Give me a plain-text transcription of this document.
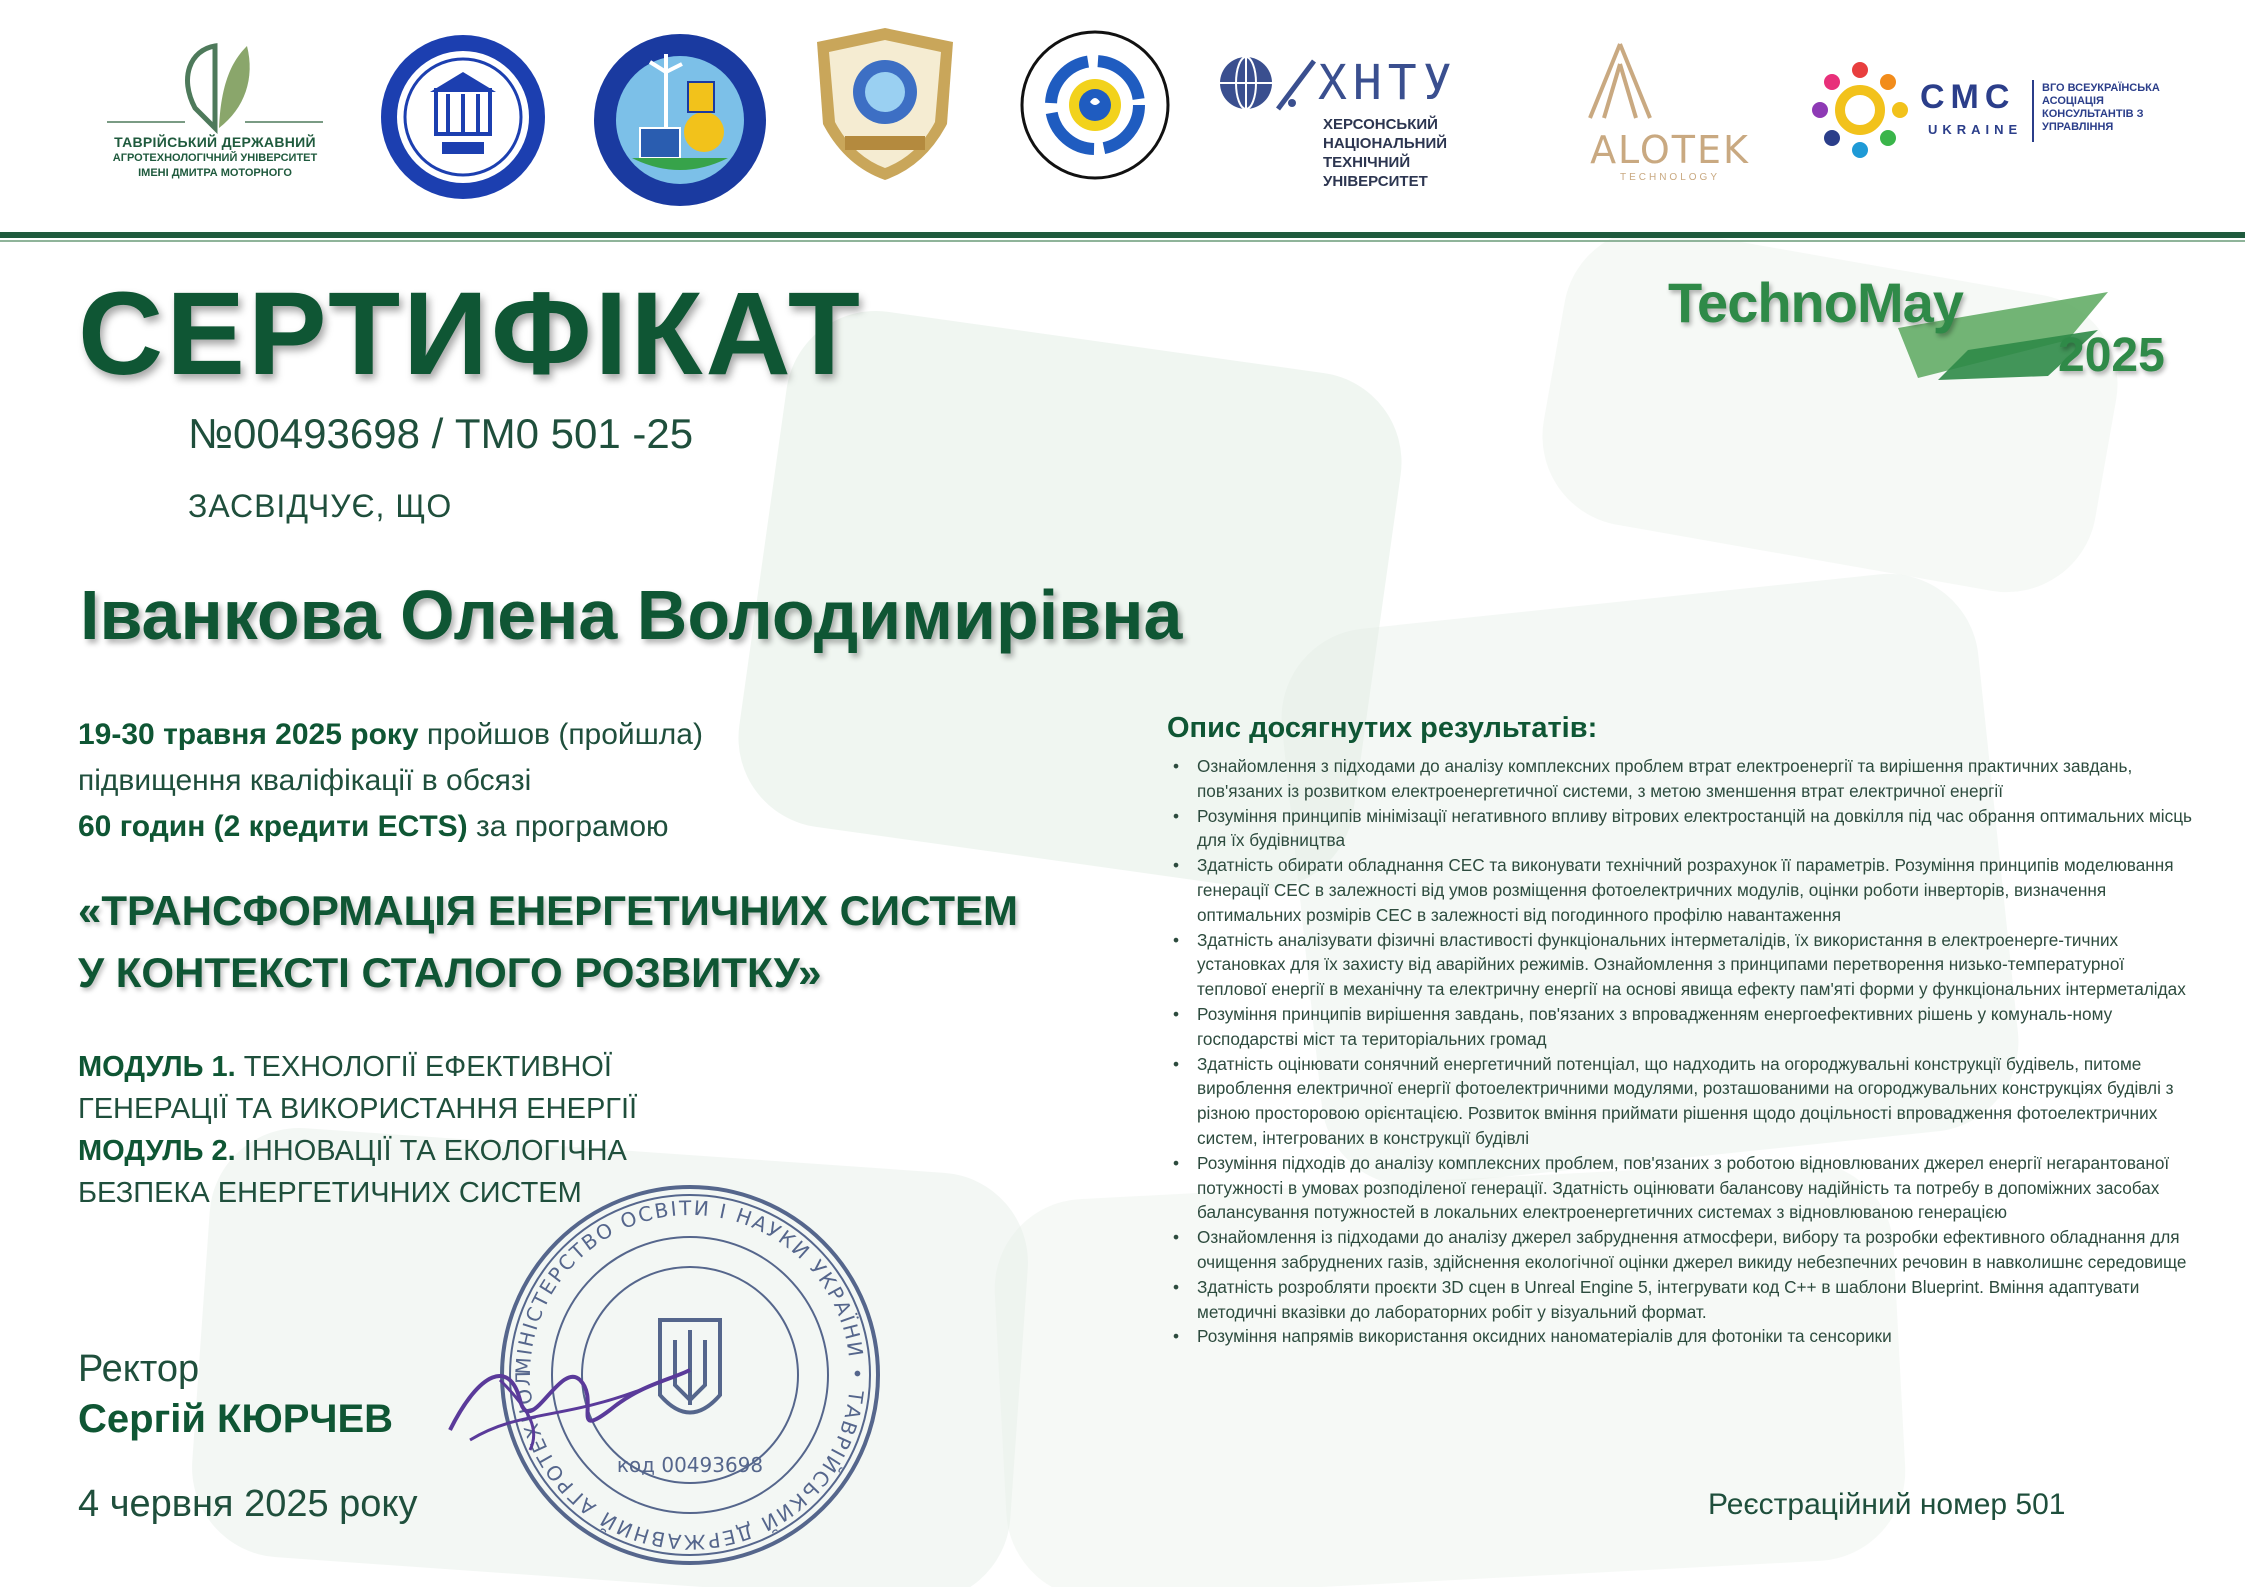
ТАВРІЙСЬКИЙ ДЕРЖАВНИЙ
АГРОТЕХНОЛОГІЧНИЙ УНІВЕРСИТЕТ
ІМЕНІ ДМИТРА МОТОРНОГО
ХНТУ
ХЕРСОНСЬКИЙ
НАЦІОНАЛЬНИЙ ТЕХНІЧНИЙ
УНІВЕРСИТЕТ
ALOTEK
TECHNOLOGY
CMC
UKRAINE
ВГО ВСЕУКРАЇНСЬКА АСОЦІАЦІЯ КОНСУЛЬТАНТІВ З УПРАВЛІННЯ
СЕРТИФІКАТ
№00493698 / ТМ0 501 -25
ЗАСВІДЧУЄ, ЩО
Іванкова Олена Володимирівна
TechnoMay
2025
19-30 травня 2025 року пройшов (пройшла)
підвищення кваліфікації в обсязі
60 годин (2 кредити ECTS) за програмою
«ТРАНСФОРМАЦІЯ ЕНЕРГЕТИЧНИХ СИСТЕМ
У КОНТЕКСТІ СТАЛОГО РОЗВИТКУ»
МОДУЛЬ 1. ТЕХНОЛОГІЇ ЕФЕКТИВНОЇ
ГЕНЕРАЦІЇ ТА ВИКОРИСТАННЯ ЕНЕРГІЇ
МОДУЛЬ 2. ІННОВАЦІЇ ТА ЕКОЛОГІЧНА
БЕЗПЕКА ЕНЕРГЕТИЧНИХ СИСТЕМ
МІНІСТЕРСТВО ОСВІТИ І НАУКИ УКРАЇНИ • ТАВРІЙСЬКИЙ ДЕРЖАВНИЙ АГРОТЕХНОЛ
код 00493698
Ректор
Сергій КЮРЧЕВ
4 червня 2025 року
Опис досягнутих результатів:
• Ознайомлення з підходами до аналізу комплексних проблем втрат електроенергії та вирішення практичних завдань, пов'язаних із розвитком електроенергетичної системи, з метою зменшення втрат електричної енергії
• Розуміння принципів мінімізації негативного впливу вітрових електростанцій на довкілля під час обрання оптимальних місць для їх будівництва
• Здатність обирати обладнання СЕС та виконувати технічний розрахунок її параметрів. Розуміння принципів моделювання генерації СЕС в залежності від умов розміщення фотоелектричних модулів, оцінки роботи інверторів, визначення оптимальних розмірів СЕС в залежності від погодинного профілю навантаження
• Здатність аналізувати фізичні властивості функціональних інтерметалідів, їх використання в електроенерге-тичних установках для їх захисту від аварійних режимів. Ознайомлення з принципами перетворення низько-температурної теплової енергії в механічну та електричну енергії на основі явища ефекту пам'яті форми у функціональних інтерметалідах
• Розуміння принципів вирішення завдань, пов'язаних з впровадженням енергоефективних рішень у комуналь-ному господарстві міст та територіальних громад
• Здатність оцінювати сонячний енергетичний потенціал, що надходить на огороджувальні конструкції будівель, питоме вироблення електричної енергії фотоелектричними модулями, розташованими на огороджувальних конструкціях будівлі з різною просторовою орієнтацією. Розвиток вміння приймати рішення щодо доцільності впровадження фотоелектричних систем, інтегрованих в конструкції будівлі
• Розуміння підходів до аналізу комплексних проблем, пов'язаних з роботою відновлюваних джерел енергії негарантованої потужності в умовах розподіленої генерації. Здатність оцінювати балансову надійність та потребу в допоміжних засобах балансування потужностей в локальних електроенергетичних системах з відновлюваною генерацією
• Ознайомлення із підходами до аналізу джерел забруднення атмосфери, вибору та розробки ефективного обладнання для очищення забруднених газів, здійснення екологічної оцінки джерел викиду небезпечних речовин в навколишнє середовище
• Здатність розробляти проєкти 3D сцен в Unreal Engine 5, інтегрувати код C++ в шаблони Blueprint. Вміння адаптувати методичні вказівки до лабораторних робіт у візуальний формат.
• Розуміння напрямів використання оксидних наноматеріалів для фотоніки та сенсорики
Реєстраційний номер 501
